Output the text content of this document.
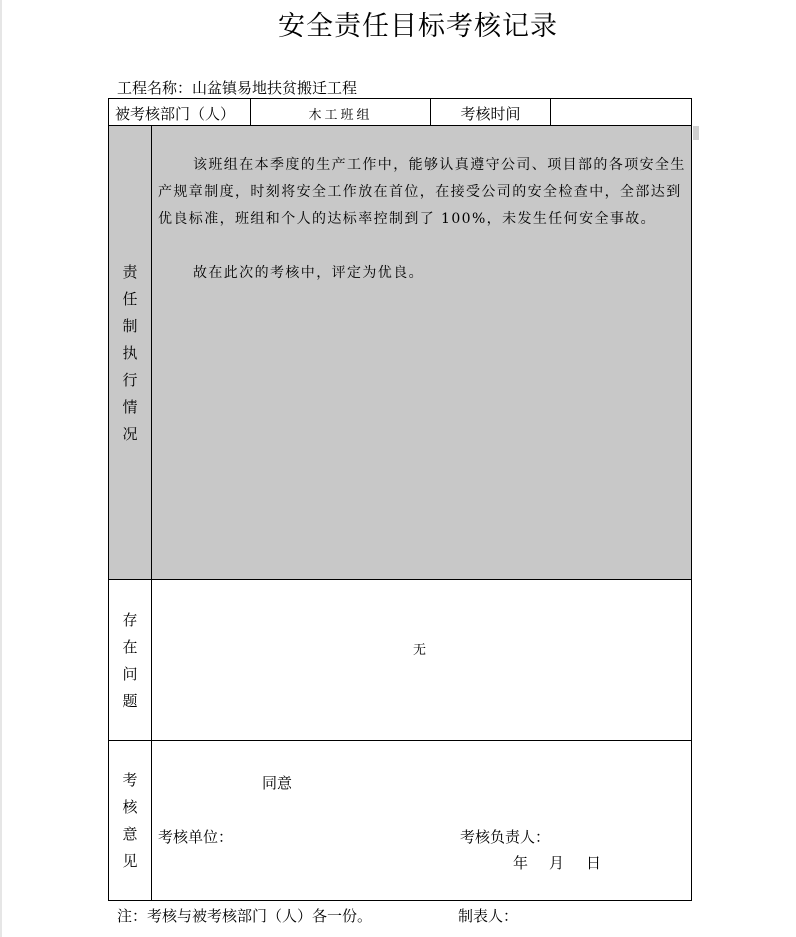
安全责任目标考核记录
工程名称：山盆镇易地扶贫搬迁工程
被考核部门（人）	木工班组	考核时间
责
任
制
执
行
情
况
该班组在本季度的生产工作中，能够认真遵守公司、项目部的各项安全生产规章制度，时刻将安全工作放在首位，在接受公司的安全检查中，全部达到优良标准，班组和个人的达标率控制到了 100%，未发生任何安全事故。
故在此次的考核中，评定为优良。
存
在
问
题
无
考
核
意
见
同意
考核单位：	考核负责人：
年 月 日
注：考核与被考核部门（人）各一份。	制表人：
